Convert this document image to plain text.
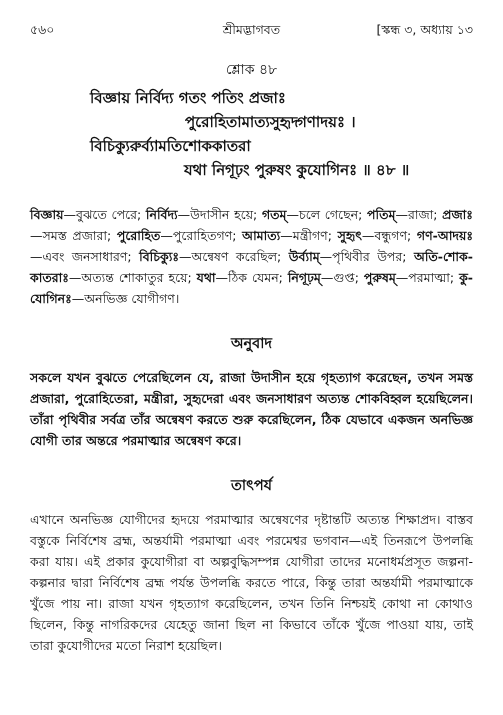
৫৬০	শ্রীমদ্ভাগবত	[স্কন্ধ ৩, অধ্যায় ১৩
শ্লোক ৪৮
বিজ্ঞায় নির্বিদ্য গতং পতিং প্রজাঃ
পুরোহিতামাত্যসুহৃদ্গণাদয়ঃ ।
বিচিক্যুরুর্ব্যামতিশোককাতরা
যথা নিগূঢ়ং পুরুষং কুযোগিনঃ ॥ ৪৮ ॥
বিজ্ঞায়—বুঝতে পেরে; নির্বিদ্য—উদাসীন হয়ে; গতম্—চলে গেছেন; পতিম্—রাজা; প্রজাঃ—সমস্ত প্রজারা; পুরোহিত—পুরোহিতগণ; আমাত্য—মন্ত্রীগণ; সুহৃৎ—বন্ধুগণ; গণ-আদয়ঃ—এবং জনসাধারণ; বিচিক্যুঃ—অন্বেষণ করেছিল; উর্ব্যাম্—পৃথিবীর উপর; অতি-শোক-কাতরাঃ—অত্যন্ত শোকাতুর হয়ে; যথা—ঠিক যেমন; নিগূঢ়ম্—গুপ্ত; পুরুষম্—পরমাত্মা; কু-যোগিনঃ—অনভিজ্ঞ যোগীগণ।
অনুবাদ
সকলে যখন বুঝতে পেরেছিলেন যে, রাজা উদাসীন হয়ে গৃহত্যাগ করেছেন, তখন সমস্ত প্রজারা, পুরোহিতেরা, মন্ত্রীরা, সুহৃদেরা এবং জনসাধারণ অত্যন্ত শোকবিহ্বল হয়েছিলেন। তাঁরা পৃথিবীর সর্বত্র তাঁর অন্বেষণ করতে শুরু করেছিলেন, ঠিক যেভাবে একজন অনভিজ্ঞ যোগী তার অন্তরে পরমাত্মার অন্বেষণ করে।
তাৎপর্য
এখানে অনভিজ্ঞ যোগীদের হৃদয়ে পরমাত্মার অন্বেষণের দৃষ্টান্তটি অত্যন্ত শিক্ষাপ্রদ। বাস্তব বস্তুকে নির্বিশেষ ব্রহ্ম, অন্তর্যামী পরমাত্মা এবং পরমেশ্বর ভগবান—এই তিনরূপে উপলব্ধি করা যায়। এই প্রকার কুযোগীরা বা অল্পবুদ্ধিসম্পন্ন যোগীরা তাদের মনোধর্মপ্রসূত জল্পনা-কল্পনার দ্বারা নির্বিশেষ ব্রহ্ম পর্যন্ত উপলব্ধি করতে পারে, কিন্তু তারা অন্তর্যামী পরমাত্মাকে খুঁজে পায় না। রাজা যখন গৃহত্যাগ করেছিলেন, তখন তিনি নিশ্চয়ই কোথা না কোথাও ছিলেন, কিন্তু নাগরিকদের যেহেতু জানা ছিল না কিভাবে তাঁকে খুঁজে পাওয়া যায়, তাই তারা কুযোগীদের মতো নিরাশ হয়েছিল।
